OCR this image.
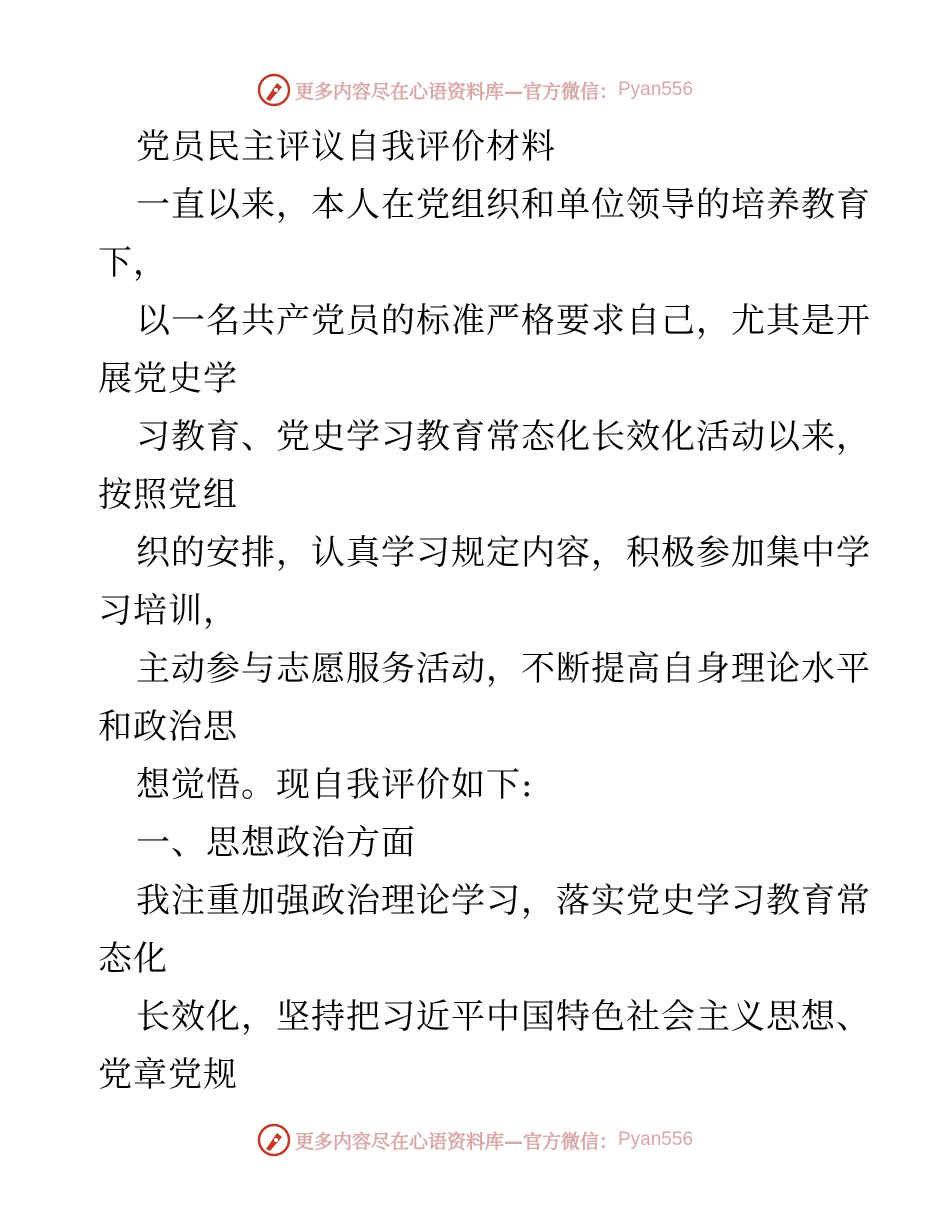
更多内容尽在心语资料库—官方微信： Pyan556
党员民主评议自我评价材料
一直以来，本人在党组织和单位领导的培养教育
下，
以一名共产党员的标准严格要求自己，尤其是开
展党史学
习教育、党史学习教育常态化长效化活动以来，
按照党组
织的安排，认真学习规定内容，积极参加集中学
习培训，
主动参与志愿服务活动，不断提高自身理论水平
和政治思
想觉悟。现自我评价如下:
一、思想政治方面
我注重加强政治理论学习，落实党史学习教育常
态化
长效化，坚持把习近平中国特色社会主义思想、
党章党规
更多内容尽在心语资料库—官方微信： Pyan556
